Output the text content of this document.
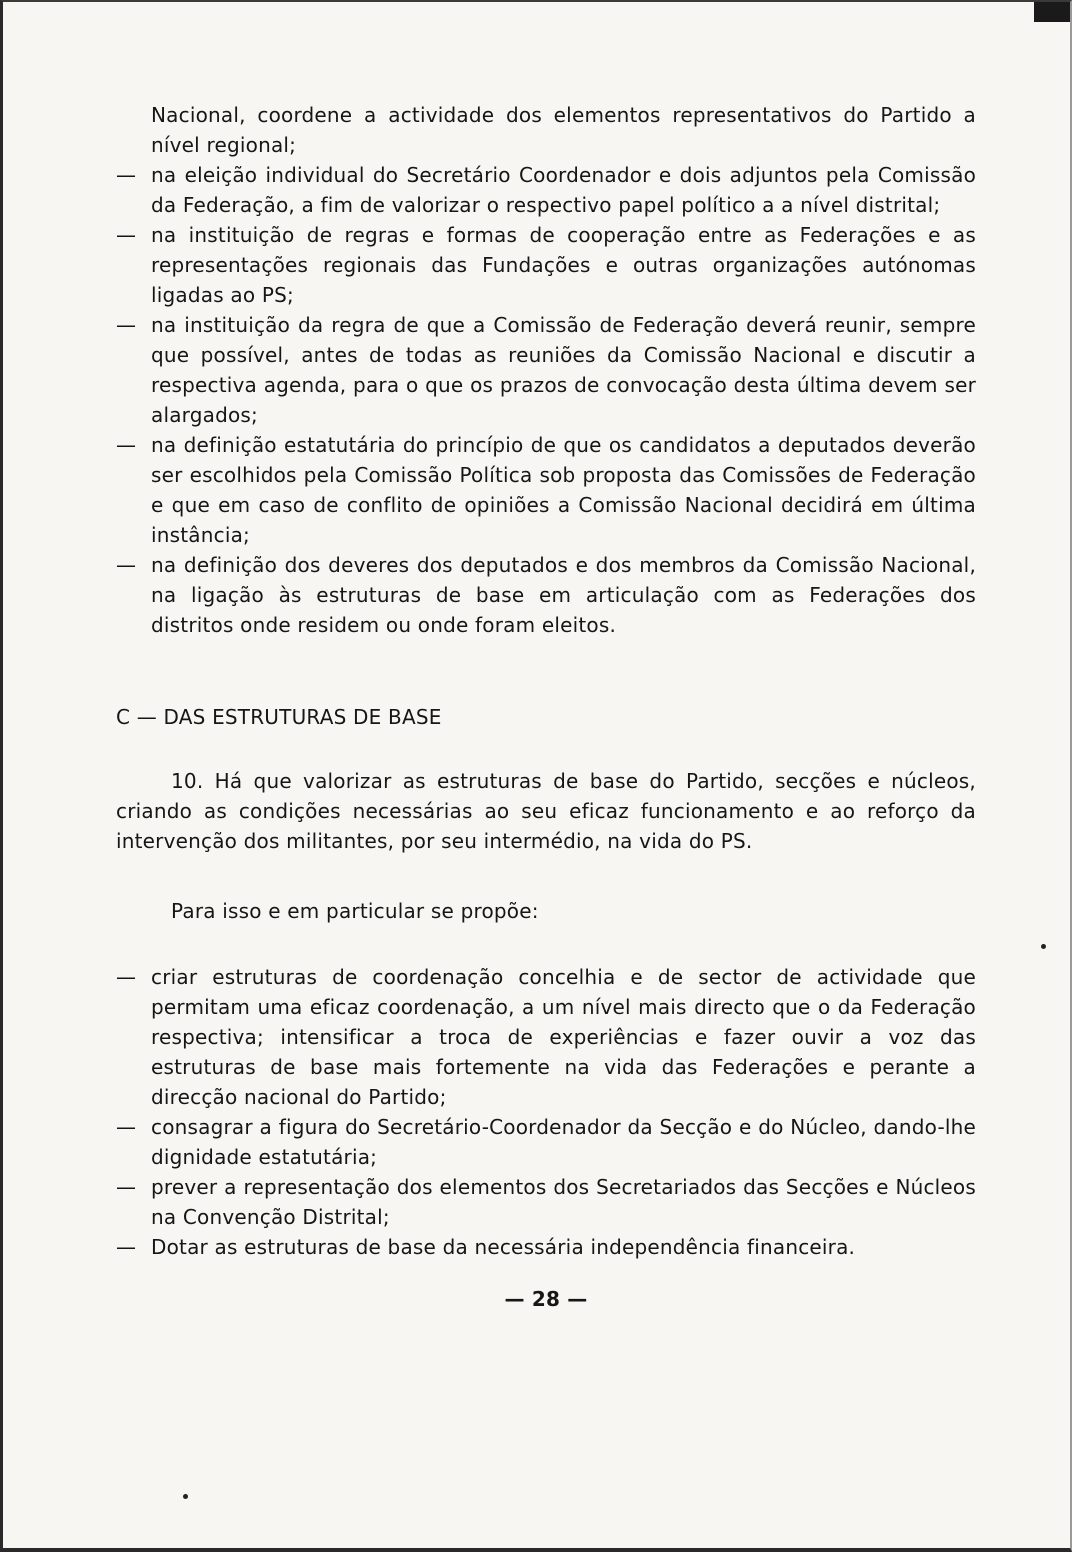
Nacional, coordene a actividade dos elementos representativos do Partido a nível regional;

— na eleição individual do Secretário Coordenador e dois adjuntos pela Comissão da Federação, a fim de valorizar o respectivo papel político a a nível distrital;

— na instituição de regras e formas de cooperação entre as Federações e as representações regionais das Fundações e outras organizações autónomas ligadas ao PS;

— na instituição da regra de que a Comissão de Federação deverá reunir, sempre que possível, antes de todas as reuniões da Comissão Nacional e discutir a respectiva agenda, para o que os prazos de convocação desta última devem ser alargados;

— na definição estatutária do princípio de que os candidatos a deputados deverão ser escolhidos pela Comissão Política sob proposta das Comissões de Federação e que em caso de conflito de opiniões a Comissão Nacional decidirá em última instância;

— na definição dos deveres dos deputados e dos membros da Comissão Nacional, na ligação às estruturas de base em articulação com as Federações dos distritos onde residem ou onde foram eleitos.

C — DAS ESTRUTURAS DE BASE

10. Há que valorizar as estruturas de base do Partido, secções e núcleos, criando as condições necessárias ao seu eficaz funcionamento e ao reforço da intervenção dos militantes, por seu intermédio, na vida do PS.

Para isso e em particular se propõe:

— criar estruturas de coordenação concelhia e de sector de actividade que permitam uma eficaz coordenação, a um nível mais directo que o da Federação respectiva; intensificar a troca de experiências e fazer ouvir a voz das estruturas de base mais fortemente na vida das Federações e perante a direcção nacional do Partido;

— consagrar a figura do Secretário-Coordenador da Secção e do Núcleo, dando-lhe dignidade estatutária;

— prever a representação dos elementos dos Secretariados das Secções e Núcleos na Convenção Distrital;

— Dotar as estruturas de base da necessária independência financeira.

— 28 —
